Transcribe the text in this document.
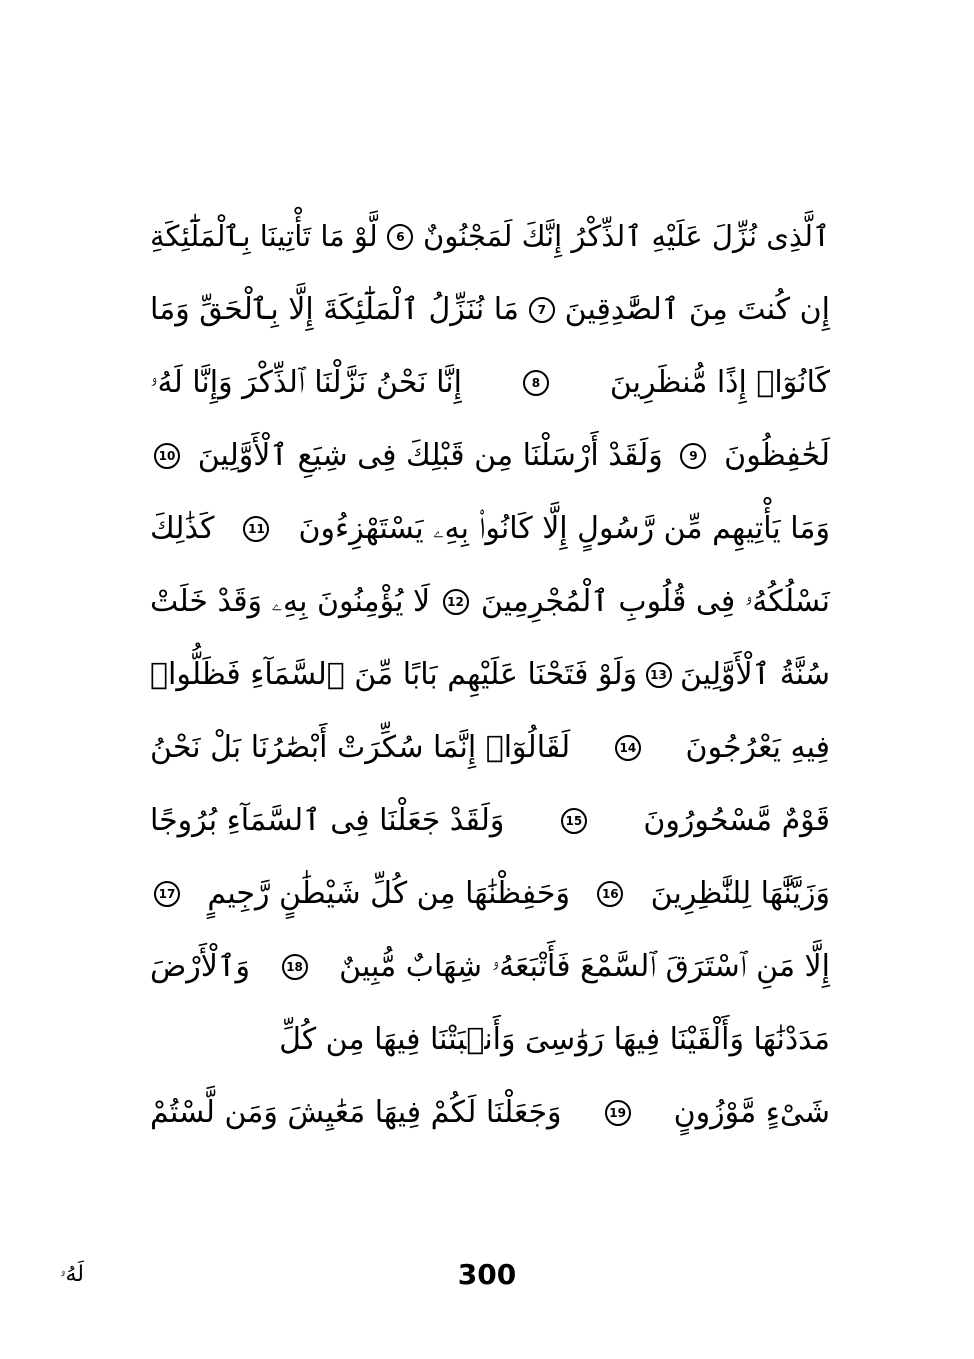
ٱلَّذِى نُزِّلَ عَلَيْهِ ٱلذِّكْرُ إِنَّكَ لَمَجْنُونٌ
6
لَّوْ مَا تَأْتِينَا بِٱلْمَلَٰٓئِكَةِ
إِن كُنتَ مِنَ ٱلصَّٰدِقِينَ
7
مَا نُنَزِّلُ ٱلْمَلَٰٓئِكَةَ إِلَّا بِٱلْحَقِّ وَمَا
كَانُوٓا۟ إِذًا مُّنظَرِينَ
8
إِنَّا نَحْنُ نَزَّلْنَا ٱلذِّكْرَ وَإِنَّا لَهُۥ
لَحَٰفِظُونَ
9
وَلَقَدْ أَرْسَلْنَا مِن قَبْلِكَ فِى شِيَعِ ٱلْأَوَّلِينَ
10
وَمَا يَأْتِيهِم مِّن رَّسُولٍ إِلَّا كَانُوا۟ بِهِۦ يَسْتَهْزِءُونَ
11
كَذَٰلِكَ
نَسْلُكُهُۥ فِى قُلُوبِ ٱلْمُجْرِمِينَ
12
لَا يُؤْمِنُونَ بِهِۦ وَقَدْ خَلَتْ
سُنَّةُ ٱلْأَوَّلِينَ
13
وَلَوْ فَتَحْنَا عَلَيْهِم بَابًا مِّنَ ٱلسَّمَآءِ فَظَلُّوا۟
فِيهِ يَعْرُجُونَ
14
لَقَالُوٓا۟ إِنَّمَا سُكِّرَتْ أَبْصَٰرُنَا بَلْ نَحْنُ
قَوْمٌ مَّسْحُورُونَ
15
وَلَقَدْ جَعَلْنَا فِى ٱلسَّمَآءِ بُرُوجًا
وَزَيَّنَّٰهَا لِلنَّٰظِرِينَ
16
وَحَفِظْنَٰهَا مِن كُلِّ شَيْطَٰنٍ رَّجِيمٍ
17
إِلَّا مَنِ ٱسْتَرَقَ ٱلسَّمْعَ فَأَتْبَعَهُۥ شِهَابٌ مُّبِينٌ
18
وَٱلْأَرْضَ
مَدَدْنَٰهَا وَأَلْقَيْنَا فِيهَا رَوَٰسِىَ وَأَنۢبَتْنَا فِيهَا مِن كُلِّ
شَىْءٍ مَّوْزُونٍ
19
وَجَعَلْنَا لَكُمْ فِيهَا مَعَٰيِشَ وَمَن لَّسْتُمْ
لَهُۥ	300
